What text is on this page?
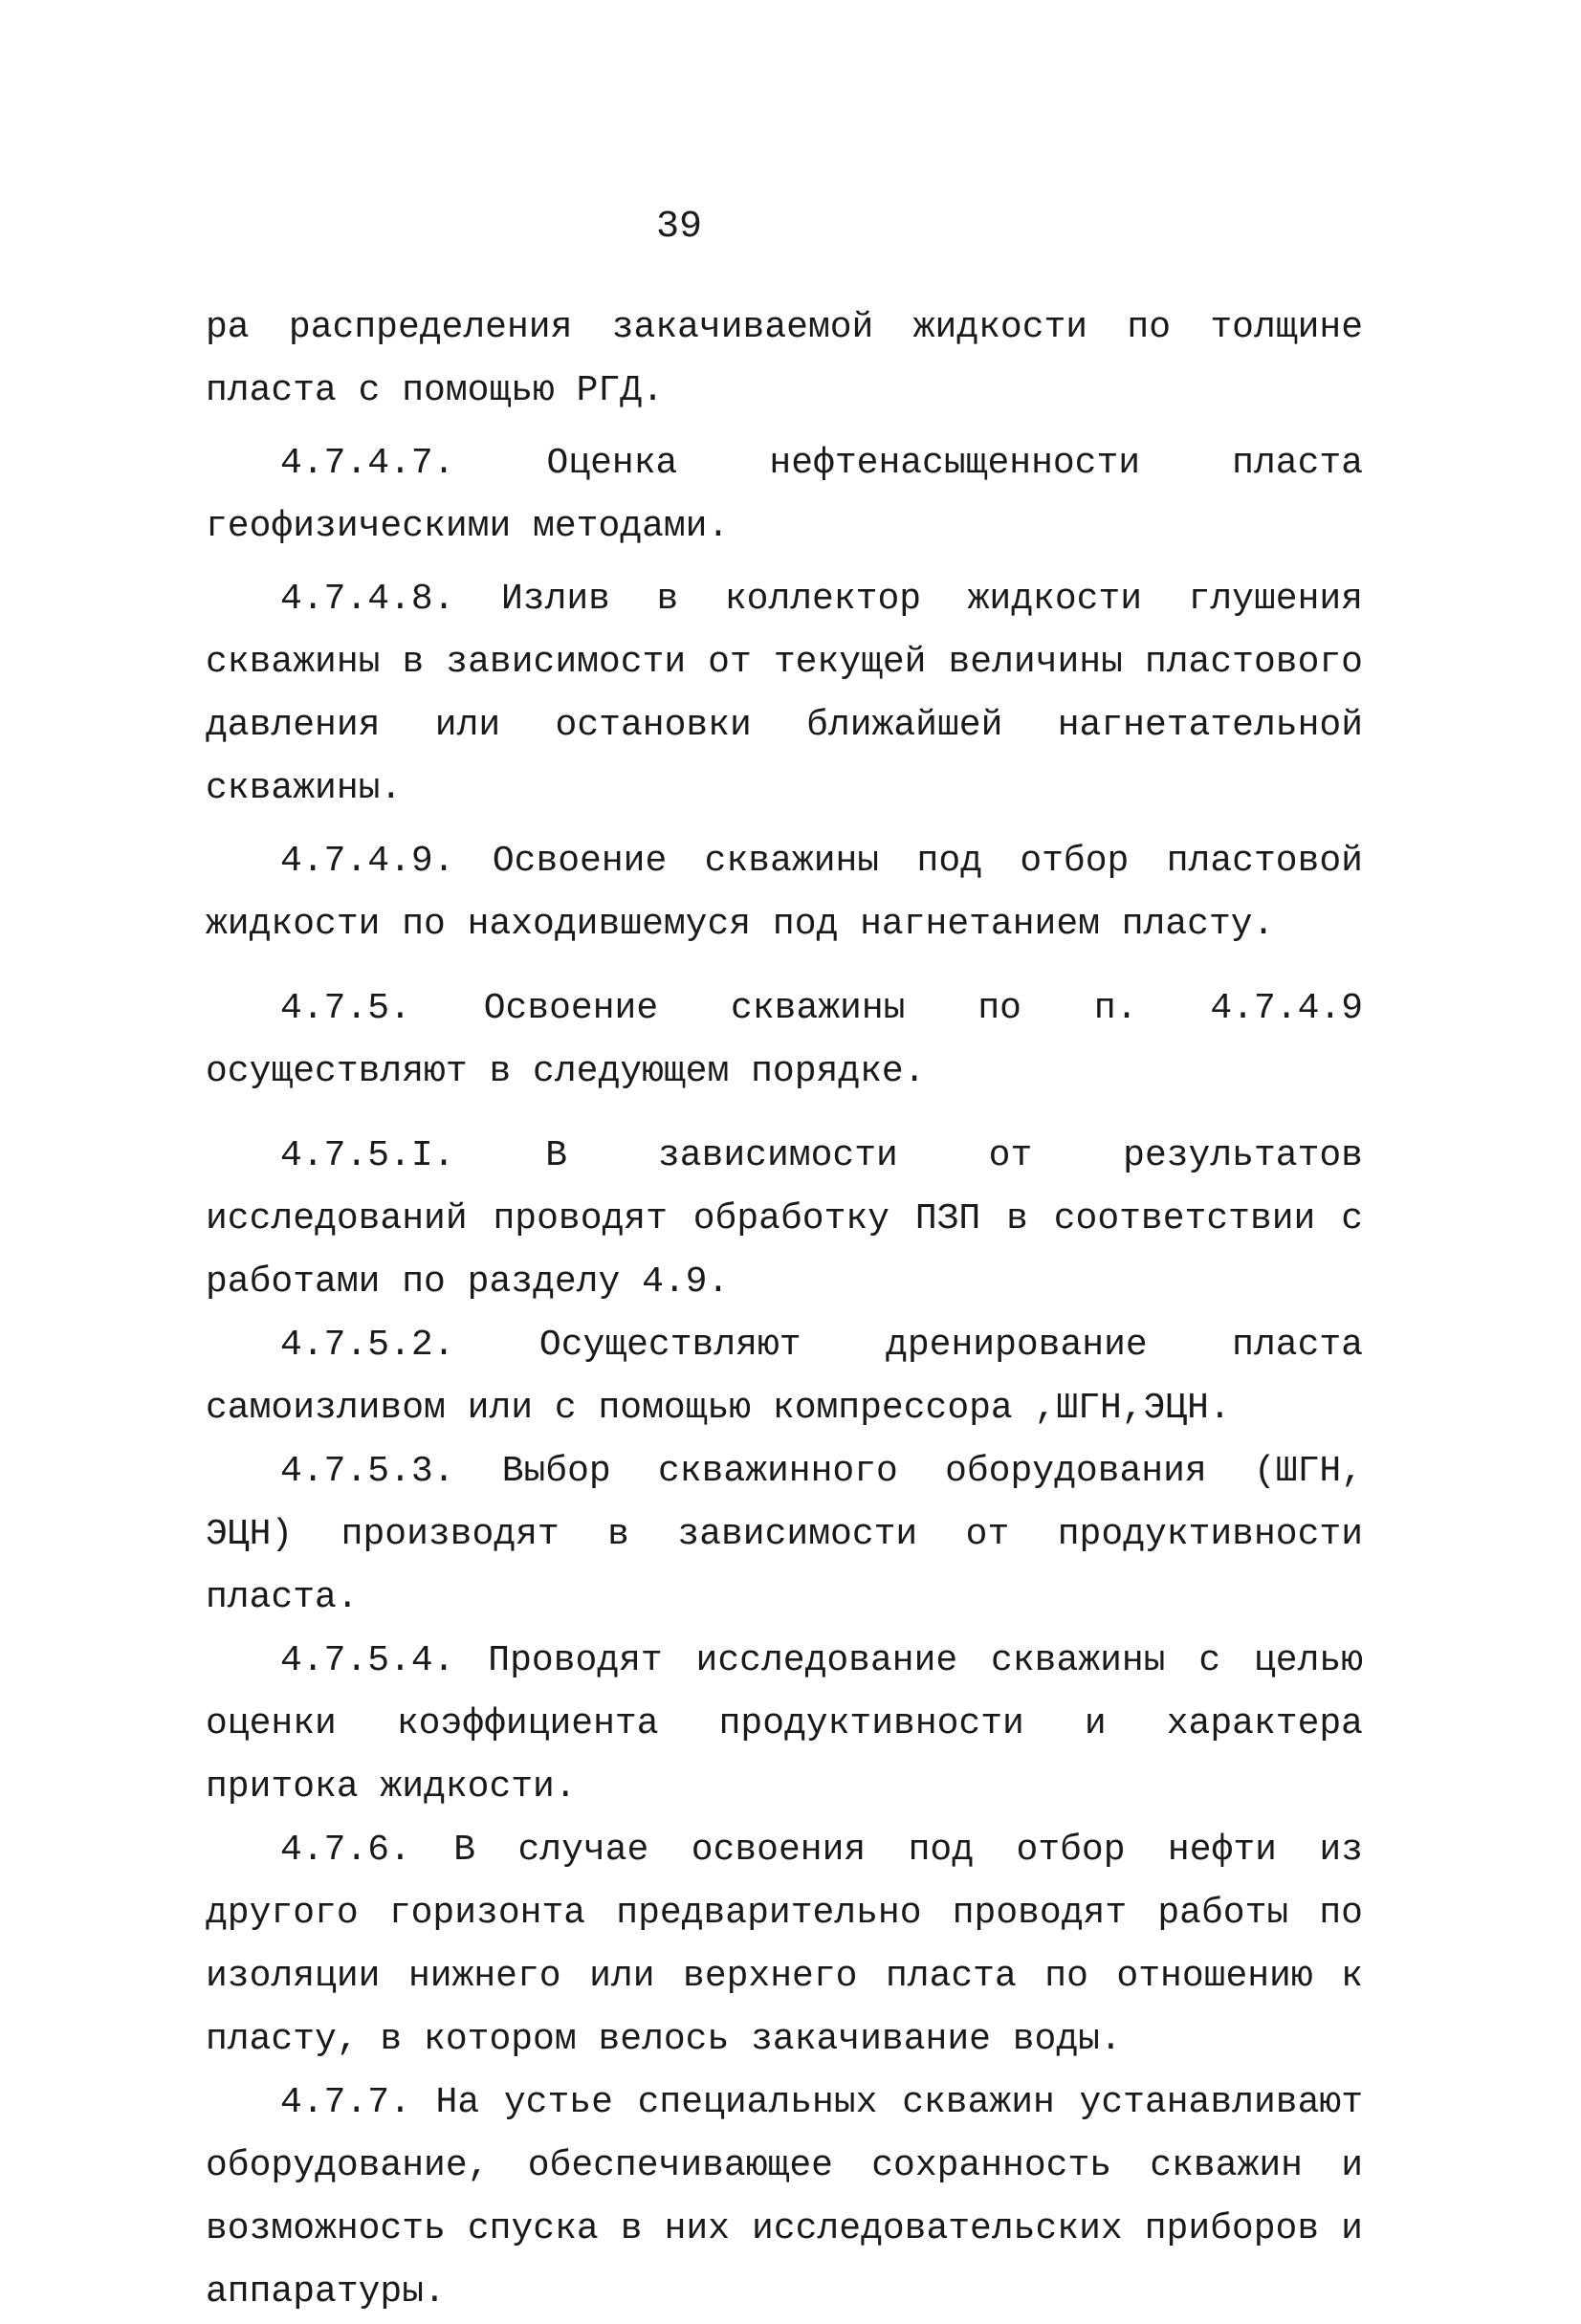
39

ра распределения закачиваемой жидкости по толщине пласта с помощью РГД.

4.7.4.7. Оценка нефтенасыщенности пласта геофизическими методами.

4.7.4.8. Излив в коллектор жидкости глушения скважины в зависимости от текущей величины пластового давления или остановки ближайшей нагнетательной скважины.

4.7.4.9. Освоение скважины под отбор пластовой жидкости по находившемуся под нагнетанием пласту.

4.7.5. Освоение скважины по п. 4.7.4.9 осуществляют в следующем порядке.

4.7.5.I. В зависимости от результатов исследований проводят обработку ПЗП в соответствии с работами по разделу 4.9.

4.7.5.2. Осуществляют дренирование пласта самоизливом или с помощью компрессора ,ШГН,ЭЦН.

4.7.5.3. Выбор скважинного оборудования (ШГН, ЭЦН) производят в зависимости от продуктивности пласта.

4.7.5.4. Проводят исследование скважины с целью оценки коэффициента продуктивности и характера притока жидкости.

4.7.6. В случае освоения под отбор нефти из другого горизонта предварительно проводят работы по изоляции нижнего или верхнего пласта по отношению к пласту, в котором велось закачивание воды.

4.7.7. На устье специальных скважин устанавливают оборудование, обеспечивающее сохранность скважин и возможность спуска в них исследовательских приборов и аппаратуры.
